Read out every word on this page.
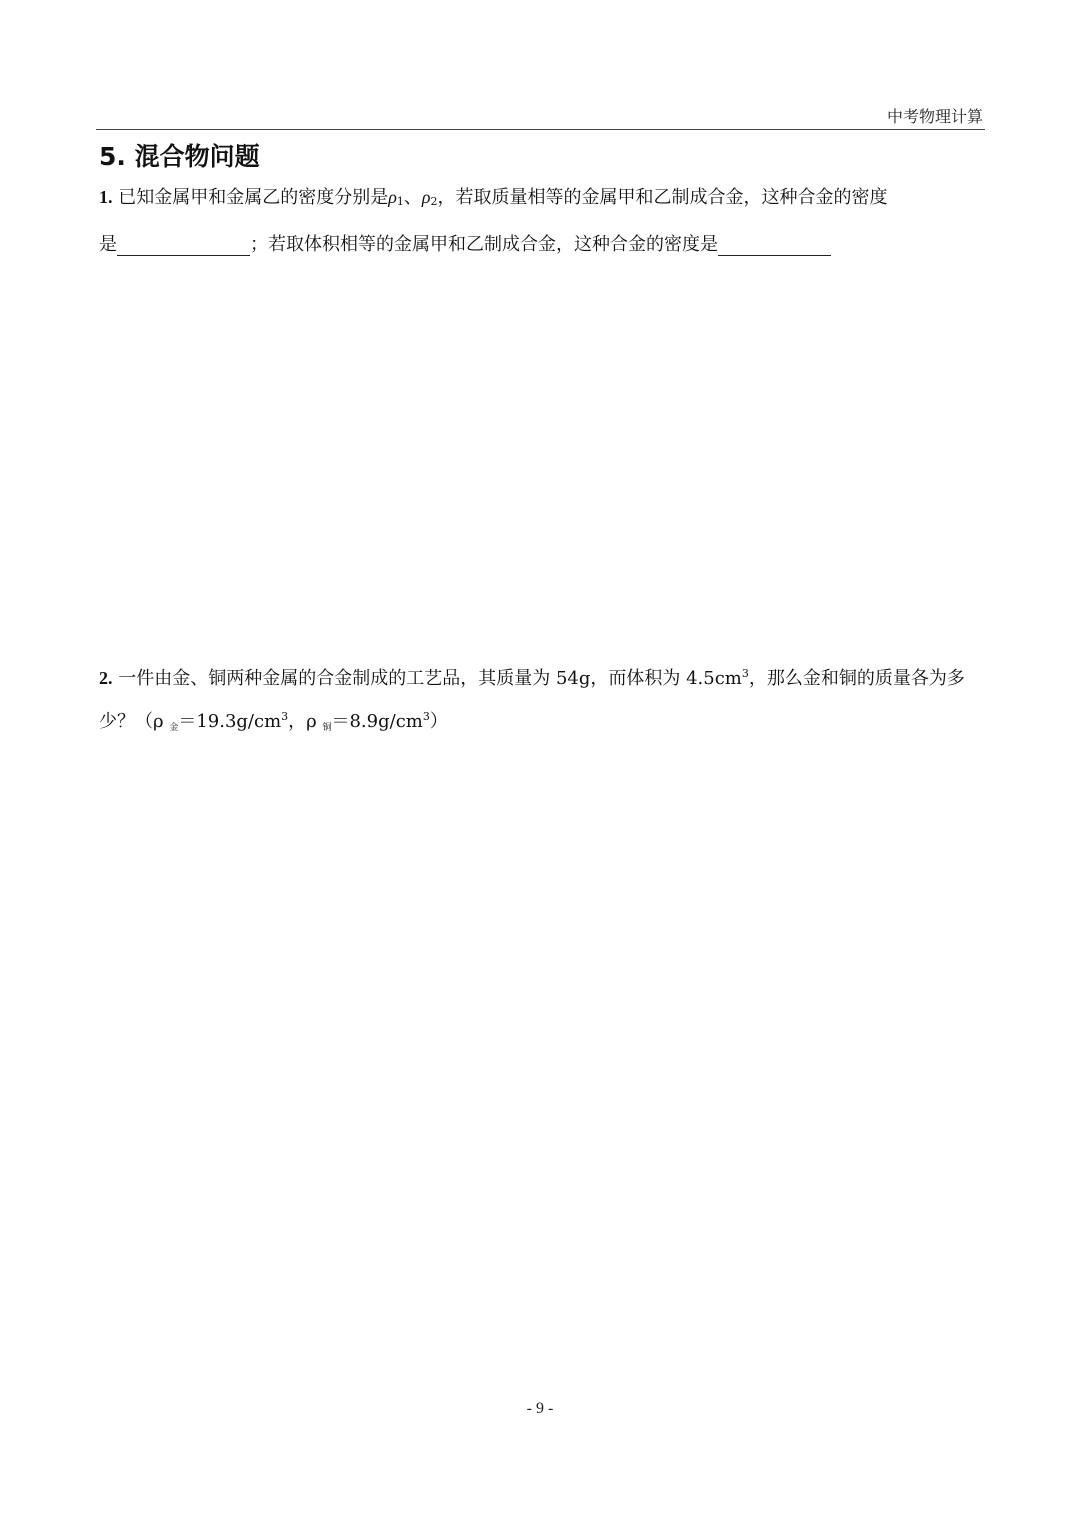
中考物理计算
5. 混合物问题
1. 已知金属甲和金属乙的密度分别是ρ1、ρ2，若取质量相等的金属甲和乙制成合金，这种合金的密度
是	；若取体积相等的金属甲和乙制成合金，这种合金的密度是
2. 一件由金、铜两种金属的合金制成的工艺品，其质量为 54g，而体积为 $4.5cm^3$，那么金和铜的质量各为多
少？（ρ 金$=19.3g/cm^3$，ρ 铜$=8.9g/cm^3$）
- 9 -
